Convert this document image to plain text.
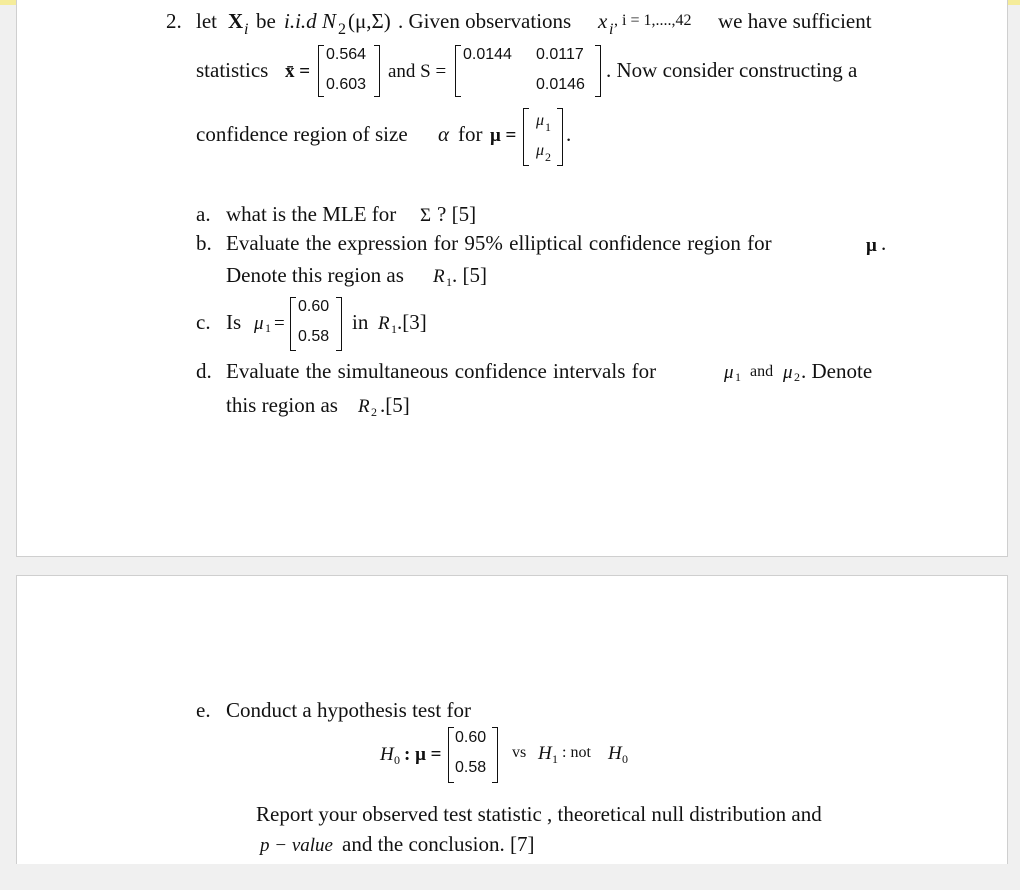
2. let X i be i.i.d N 2 (μ,Σ) . Given observations x i
, i = 1,....,42 we have sufficient
statistics x̄ =
0.564
0.603
and S =
0.0144 0.0117
0.0146
. Now consider constructing a
confidence region of size α for μ =
μ 1
μ 2
.
a. what is the MLE for Σ ? [5]
b. Evaluate the expression for 95% elliptical confidence region for	μ .
Denote this region as R 1 . [5]
c. Is μ 1 =
0.60
0.58
in R 1 .[3]
d. Evaluate the simultaneous confidence intervals for	μ 1 and μ 2 . Denote
this region as R 2 .[5]
e. Conduct a hypothesis test for
H 0 : μ =
0.60
0.58
vs H 1 : not H 0
Report your observed test statistic , theoretical null distribution and
p − value and the conclusion. [7]
